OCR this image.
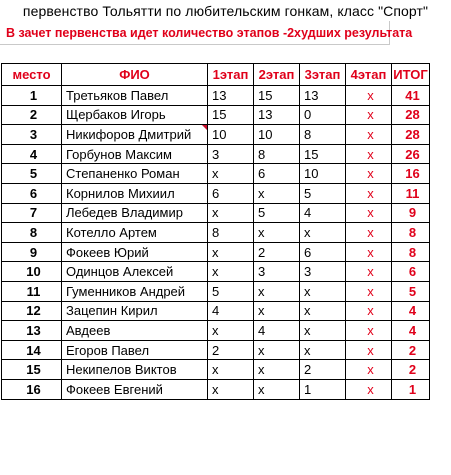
первенство Тольятти по любительским гонкам, класс "Спорт"
В зачет первенства идет количество этапов -2худших результата
место	ФИО	1этап	2этап	3этап	4этап	ИТОГ
1	Третьяков Павел	13	15	13	x	41
2	Щербаков Игорь	15	13	0	x	28
3	Никифоров Дмитрий	10	10	8	x	28
4	Горбунов Максим	3	8	15	x	26
5	Степаненко Роман	x	6	10	x	16
6	Корнилов Михиил	6	x	5	x	11
7	Лебедев Владимир	x	5	4	x	9
8	Котелло Артем	8	x	x	x	8
9	Фокеев Юрий	x	2	6	x	8
10	Одинцов Алексей	x	3	3	x	6
11	Гуменников Андрей	5	x	x	x	5
12	Зацепин Кирил	4	x	x	x	4
13	Авдеев	x	4	x	x	4
14	Егоров Павел	2	x	x	x	2
15	Некипелов Виктов	x	x	2	x	2
16	Фокеев Евгений	x	x	1	x	1
